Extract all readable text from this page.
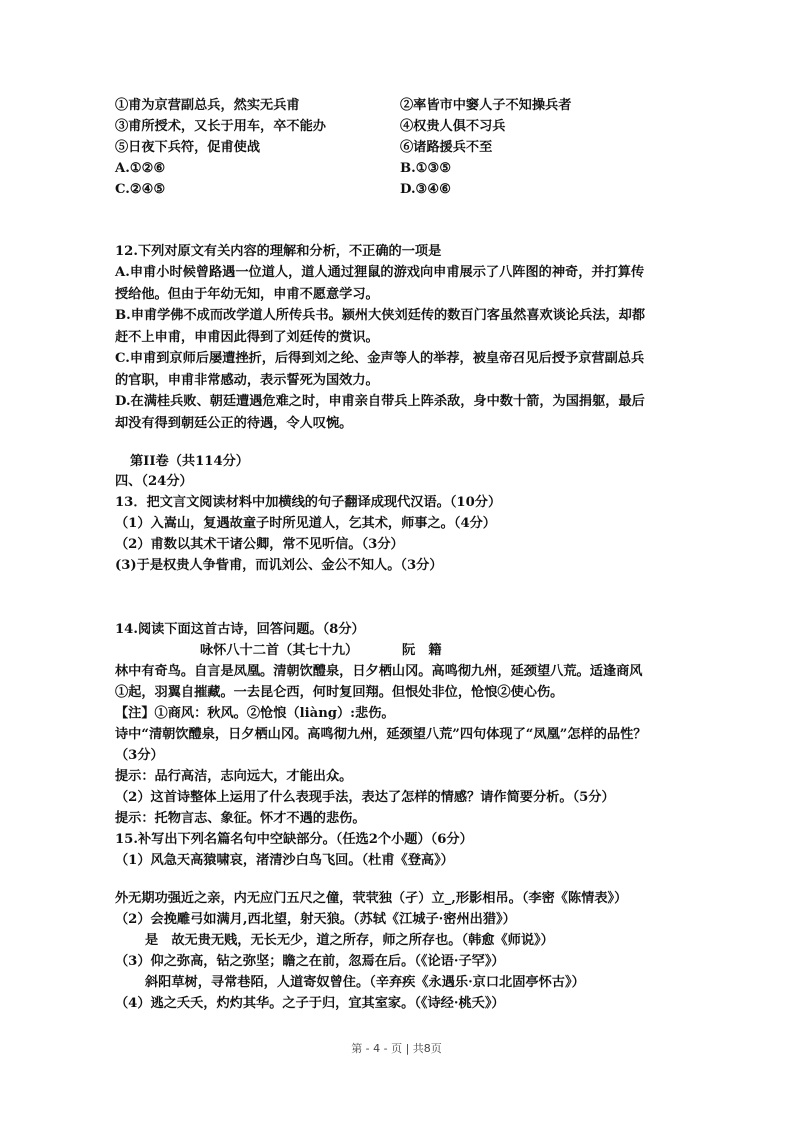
①甫为京营副总兵，然实无兵甫	②率皆市中窭人子不知操兵者
③甫所授术，又长于用车，卒不能办	④权贵人俱不习兵
⑤日夜下兵符，促甫使战	⑥诸路援兵不至
A.①②⑥	B.①③⑤
C.②④⑤	D.③④⑥
12.下列对原文有关内容的理解和分析，不正确的一项是
A.申甫小时候曾路遇一位道人，道人通过狸鼠的游戏向申甫展示了八阵图的神奇，并打算传
授给他。但由于年幼无知，申甫不愿意学习。
B.申甫学佛不成而改学道人所传兵书。颍州大侠刘廷传的数百门客虽然喜欢谈论兵法，却都
赶不上申甫，申甫因此得到了刘廷传的赏识。
C.申甫到京师后屡遭挫折，后得到刘之纶、金声等人的举荐，被皇帝召见后授予京营副总兵
的官职，申甫非常感动，表示誓死为国效力。
D.在满桂兵败、朝廷遭遇危难之时，申甫亲自带兵上阵杀敌，身中数十箭，为国捐躯，最后
却没有得到朝廷公正的待遇，令人叹惋。
第II卷（共114分）
四、（24分）
13．把文言文阅读材料中加横线的句子翻译成现代汉语。（10分）
（1）入嵩山，复遇故童子时所见道人，乞其术，师事之。（4分）
（2）甫数以其术干诸公卿，常不见听信。（3分）
(3)于是权贵人争眥甫，而讥刘公、金公不知人。（3分）
14.阅读下面这首古诗，回答问题。（8分）
咏怀八十二首（其七十九）	阮　籍
林中有奇鸟。自言是凤凰。清朝饮醴泉，日夕栖山冈。高鸣彻九州，延颈望八荒。适逢商风
①起，羽翼自摧藏。一去昆仑西，何时复回翔。但恨处非位，怆悢②使心伤。
【注】①商风：秋风。②怆悢（liàng）:悲伤。
诗中“清朝饮醴泉，日夕栖山冈。高鸣彻九州，延颈望八荒”四句体现了“凤凰”怎样的品性？
（3分）
提示：品行高洁，志向远大，才能出众。
（2）这首诗整体上运用了什么表现手法，表达了怎样的情感？请作简要分析。（5分）
提示：托物言志、象征。怀才不遇的悲伤。
15.补写出下列名篇名句中空缺部分。（任选2个小题）（6分）
（1）风急天高猿啸哀，渚清沙白鸟飞回。（杜甫《登高》）
外无期功强近之亲，内无应门五尺之僮，茕茕独（孑）立_,形影相吊。（李密《陈情表》）
（2）会挽雕弓如满月,西北望，射天狼。（苏轼《江城子·密州出猎》）
是　故无贵无贱，无长无少，道之所存，师之所存也。（韩愈《师说》）
（3）仰之弥高，钻之弥坚；瞻之在前，忽焉在后。（《论语·子罕》）
斜阳草树，寻常巷陌，人道寄奴曾住。（辛弃疾《永遇乐·京口北固亭怀古》）
（4）逃之夭夭，灼灼其华。之子于归，宜其室家。（《诗经·桃夭》）
第 - 4 - 页 | 共8页
